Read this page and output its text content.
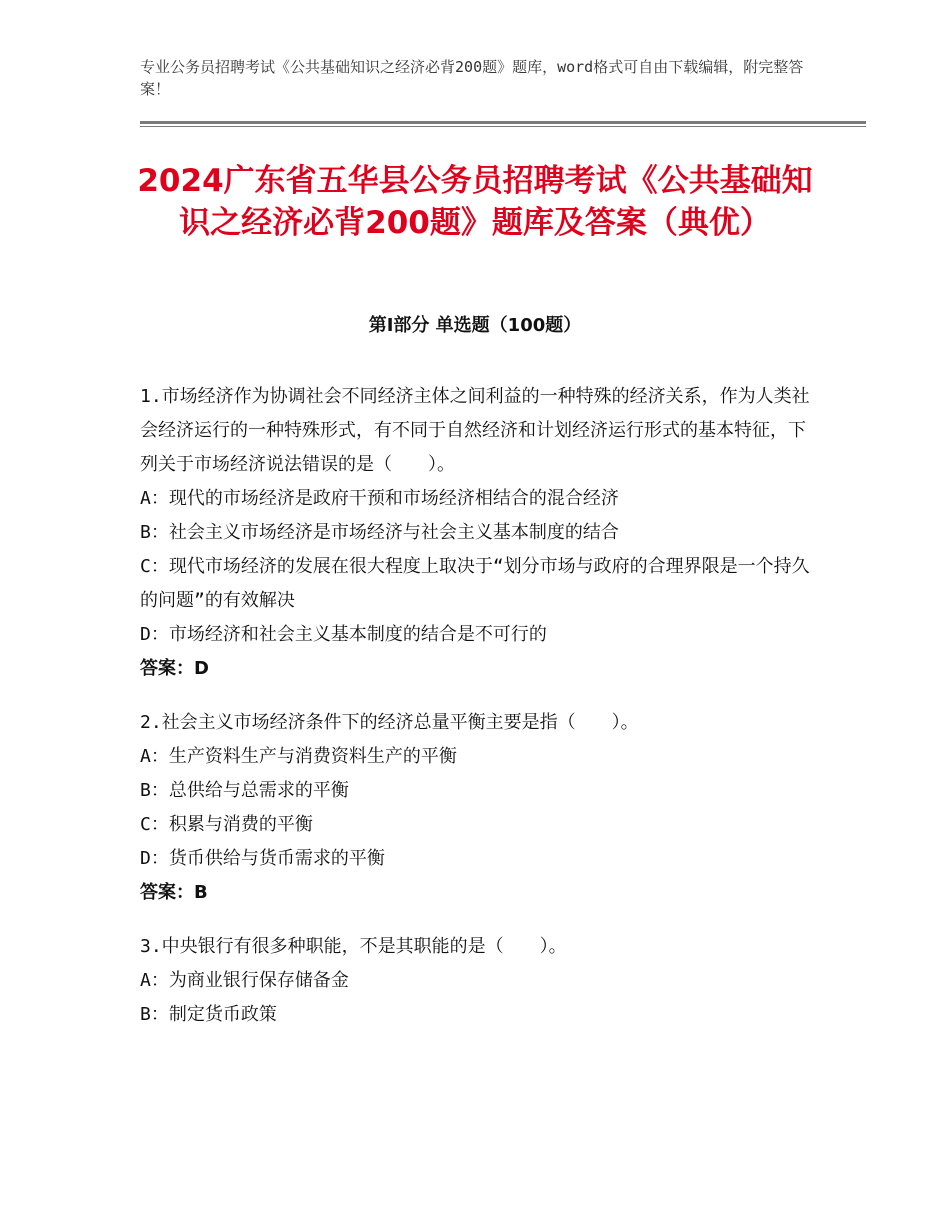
专业公务员招聘考试《公共基础知识之经济必背200题》题库，word格式可自由下载编辑，附完整答案！
2024广东省五华县公务员招聘考试《公共基础知识之经济必背200题》题库及答案（典优）
第Ⅰ部分 单选题（100题）

1.市场经济作为协调社会不同经济主体之间利益的一种特殊的经济关系，作为人类社会经济运行的一种特殊形式，有不同于自然经济和计划经济运行形式的基本特征，下列关于市场经济说法错误的是（　　）。

A：现代的市场经济是政府干预和市场经济相结合的混合经济

B：社会主义市场经济是市场经济与社会主义基本制度的结合

C：现代市场经济的发展在很大程度上取决于“划分市场与政府的合理界限是一个持久的问题”的有效解决

D：市场经济和社会主义基本制度的结合是不可行的

答案：D

2.社会主义市场经济条件下的经济总量平衡主要是指（　　）。

A：生产资料生产与消费资料生产的平衡

B：总供给与总需求的平衡

C：积累与消费的平衡

D：货币供给与货币需求的平衡

答案：B

3.中央银行有很多种职能，不是其职能的是（　　）。

A：为商业银行保存储备金

B：制定货币政策
